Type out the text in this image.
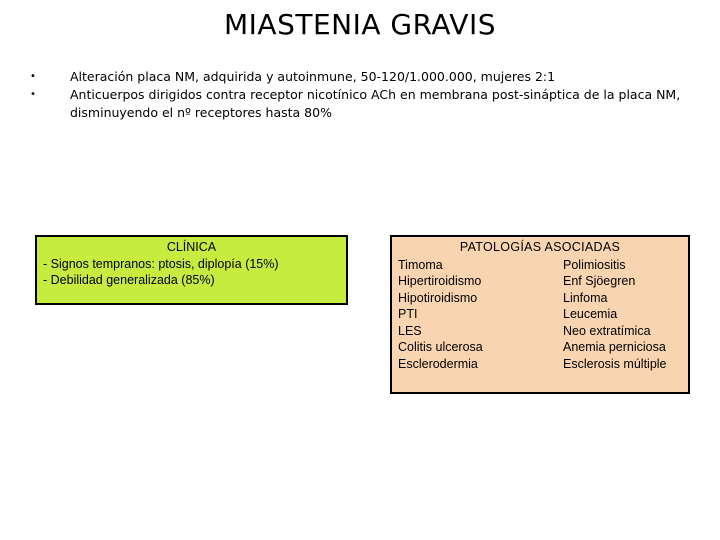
MIASTENIA GRAVIS
•	Alteración placa NM, adquirida y autoinmune, 50-120/1.000.000, mujeres 2:1
•	Anticuerpos dirigidos contra receptor nicotínico ACh en membrana post-sináptica de la placa NM, disminuyendo el nº receptores hasta 80%
CLÍNICA
- Signos tempranos: ptosis, diplopía (15%)
- Debilidad generalizada (85%)
PATOLOGÍAS ASOCIADAS
Timoma	Polimiositis
Hipertiroidismo	Enf Sjöegren
Hipotiroidismo	Linfoma
PTI	Leucemia
LES	Neo extratímica
Colitis ulcerosa	Anemia perniciosa
Esclerodermia	Esclerosis múltiple
